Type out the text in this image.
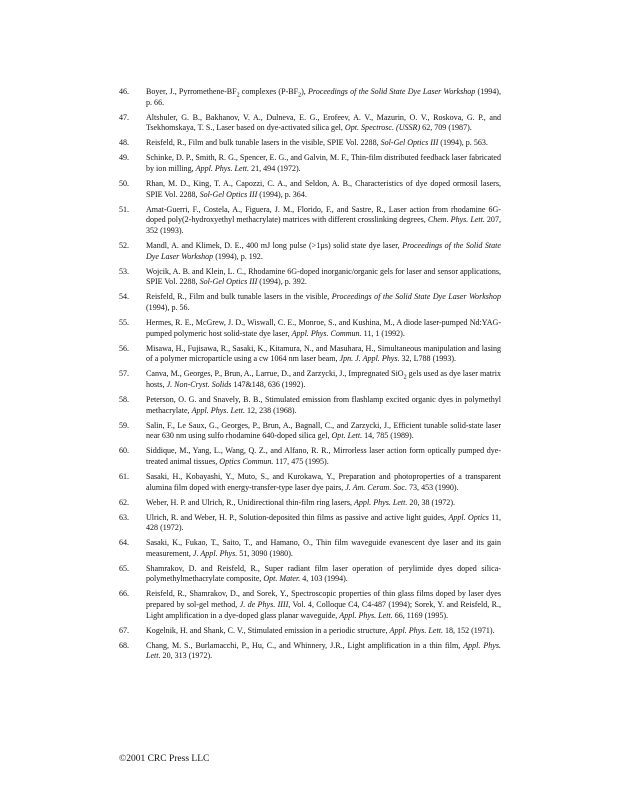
46. Boyer, J., Pyrromethene-$BF_2$ complexes $(P-BF_2)$, Proceedings of the Solid State Dye Laser Workshop (1994), p. 66.
47. Altshuler, G. B., Bakhanov, V. A., Dulneva, E. G., Erofeev, A. V., Mazurin, O. V., Roskova, G. P., and Tsekhomskaya, T. S., Laser based on dye-activated silica gel, Opt. Spectrosc. (USSR) 62, 709 (1987).
48. Reisfeld, R., Film and bulk tunable lasers in the visible, SPIE Vol. 2288, Sol-Gel Optics III (1994), p. 563.
49. Schinke, D. P., Smith, R. G., Spencer, E. G., and Galvin, M. F., Thin-film distributed feedback laser fabricated by ion milling, Appl. Phys. Lett. 21, 494 (1972).
50. Rhan, M. D., King, T. A., Capozzi, C. A., and Seldon, A. B., Characteristics of dye doped ormosil lasers, SPIE Vol. 2288, Sol-Gel Optics III (1994), p. 364.
51. Amat-Guerri, F., Costela, A., Figuera, J. M., Florido, F., and Sastre, R., Laser action from rhodamine 6G-doped poly(2-hydroxyethyl methacrylate) matrices with different crosslinking degrees, Chem. Phys. Lett. 207, 352 (1993).
52. Mandl, A. and Klimek, D. E., 400 mJ long pulse (>1µs) solid state dye laser, Proceedings of the Solid State Dye Laser Workshop (1994), p. 192.
53. Wojcik, A. B. and Klein, L. C., Rhodamine 6G-doped inorganic/organic gels for laser and sensor applications, SPIE Vol. 2288, Sol-Gel Optics III (1994), p. 392.
54. Reisfeld, R., Film and bulk tunable lasers in the visible, Proceedings of the Solid State Dye Laser Workshop (1994), p. 56.
55. Hermes, R. E., McGrew, J. D., Wiswall, C. E., Monroe, S., and Kushina, M., A diode laser-pumped Nd:YAG-pumped polymeric host solid-state dye laser, Appl. Phys. Commun. 11, 1 (1992).
56. Misawa, H., Fujisawa, R., Sasaki, K., Kitamura, N., and Masuhara, H., Simultaneous manipulation and lasing of a polymer microparticle using a cw 1064 nm laser beam, Jpn. J. Appl. Phys. 32, L788 (1993).
57. Canva, M., Georges, P., Brun, A., Larrue, D., and Zarzycki, J., Impregnated SiO$_2$ gels used as dye laser matrix hosts, J. Non-Cryst. Solids 147&148, 636 (1992).
58. Peterson, O. G. and Snavely, B. B., Stimulated emission from flashlamp excited organic dyes in polymethyl methacrylate, Appl. Phys. Lett. 12, 238 (1968).
59. Salin, F., Le Saux, G., Georges, P., Brun, A., Bagnall, C., and Zarzycki, J., Efficient tunable solid-state laser near 630 nm using sulfo rhodamine 640-doped silica gel, Opt. Lett. 14, 785 (1989).
60. Siddique, M., Yang, L., Wang, Q. Z., and Alfano, R. R., Mirrorless laser action form optically pumped dye-treated animal tissues, Optics Commun. 117, 475 (1995).
61. Sasaki, H., Kobayashi, Y., Muto, S., and Kurokawa, Y., Preparation and photoproperties of a transparent alumina film doped with energy-transfer-type laser dye pairs, J. Am. Ceram. Soc. 73, 453 (1990).
62. Weber, H. P. and Ulrich, R., Unidirectional thin-film ring lasers, Appl. Phys. Lett. 20, 38 (1972).
63. Ulrich, R. and Weber, H. P., Solution-deposited thin films as passive and active light guides, Appl. Optics 11, 428 (1972).
64. Sasaki, K., Fukao, T., Saito, T., and Hamano, O., Thin film waveguide evanescent dye laser and its gain measurement, J. Appl. Phys. 51, 3090 (1980).
65. Shamrakov, D. and Reisfeld, R., Super radiant film laser operation of perylimide dyes doped silica-polymethylmethacrylate composite, Opt. Mater. 4, 103 (1994).
66. Reisfeld, R., Shamrakov, D., and Sorek, Y., Spectroscopic properties of thin glass films doped by laser dyes prepared by sol-gel method, J. de Phys. IIII, Vol. 4, Colloque C4, C4-487 (1994); Sorek, Y. and Reisfeld, R., Light amplification in a dye-doped glass planar waveguide, Appl. Phys. Lett. 66, 1169 (1995).
67. Kogelnik, H. and Shank, C. V., Stimulated emission in a periodic structure, Appl. Phys. Lett. 18, 152 (1971).
68. Chang, M. S., Burlamacchi, P., Hu, C., and Whinnery, J.R., Light amplification in a thin film, Appl. Phys. Lett. 20, 313 (1972).
©2001 CRC Press LLC
